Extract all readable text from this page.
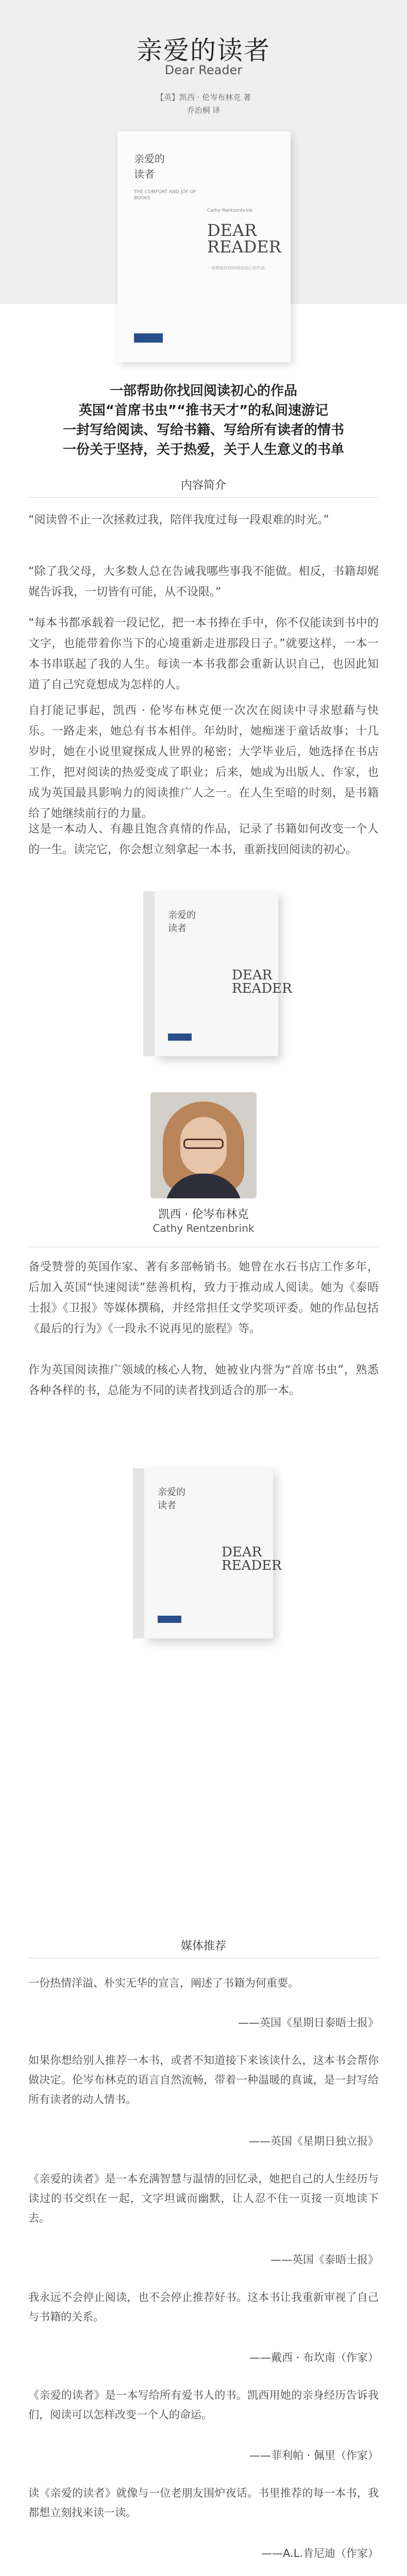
亲爱的读者
Dear Reader
【英】凯西 · 伦岑布林克 著
乔治桐 译
亲爱的
读者
THE COMFORT AND JOY OF BOOKS
Cathy Rentzenbrink
DEAR
READER
一部帮助你找回阅读初心的作品
一部帮助你找回阅读初心的作品
英国“首席书虫”“推书天才”的私间速游记
一封写给阅读、写给书籍、写给所有读者的情书
一份关于坚持，关于热爱，关于人生意义的书单
内容简介

“阅读曾不止一次拯救过我，陪伴我度过每一段艰难的时光。”

“除了我父母，大多数人总在告诫我哪些事我不能做。相反，书籍却娓娓告诉我，一切皆有可能，从不设限。”

“每本书都承载着一段记忆，把一本书捧在手中，你不仅能读到书中的文字，也能带着你当下的心境重新走进那段日子。”就要这样，一本一本书串联起了我的人生。每读一本书我都会重新认识自己，也因此知道了自己究竟想成为怎样的人。

自打能记事起，凯西 · 伦岑布林克便一次次在阅读中寻求慰藉与快乐。一路走来，她总有书本相伴。年幼时，她痴迷于童话故事；十几岁时，她在小说里窥探成人世界的秘密；大学毕业后，她选择在书店工作，把对阅读的热爱变成了职业；后来，她成为出版人、作家，也成为英国最具影响力的阅读推广人之一。在人生至暗的时刻，是书籍给了她继续前行的力量。

这是一本动人、有趣且饱含真情的作品，记录了书籍如何改变一个人的一生。读完它，你会想立刻拿起一本书，重新找回阅读的初心。

亲爱的
读者
DEAR
READER
凯西 · 伦岑布林克
Cathy Rentzenbrink

备受赞誉的英国作家、著有多部畅销书。她曾在水石书店工作多年，后加入英国“快速阅读”慈善机构，致力于推动成人阅读。她为《泰晤士报》《卫报》等媒体撰稿，并经常担任文学奖项评委。她的作品包括《最后的行为》《一段永不说再见的旅程》等。

作为英国阅读推广领域的核心人物，她被业内誉为“首席书虫”，熟悉各种各样的书，总能为不同的读者找到适合的那一本。

亲爱的
读者
DEAR
READER
媒体推荐

一份热情洋溢、朴实无华的宣言，阐述了书籍为何重要。

——英国《星期日泰晤士报》

如果你想给别人推荐一本书，或者不知道接下来该读什么，这本书会帮你做决定。伦岑布林克的语言自然流畅，带着一种温暖的真诚，是一封写给所有读者的动人情书。

——英国《星期日独立报》

《亲爱的读者》是一本充满智慧与温情的回忆录，她把自己的人生经历与读过的书交织在一起，文字坦诚而幽默，让人忍不住一页接一页地读下去。

——英国《泰晤士报》

我永远不会停止阅读，也不会停止推荐好书。这本书让我重新审视了自己与书籍的关系。

——戴西 · 布坎南（作家）

《亲爱的读者》是一本写给所有爱书人的书。凯西用她的亲身经历告诉我们，阅读可以怎样改变一个人的命运。

——菲利帕 · 佩里（作家）

读《亲爱的读者》就像与一位老朋友围炉夜话。书里推荐的每一本书，我都想立刻找来读一读。

——A.L.肯尼迪（作家）
